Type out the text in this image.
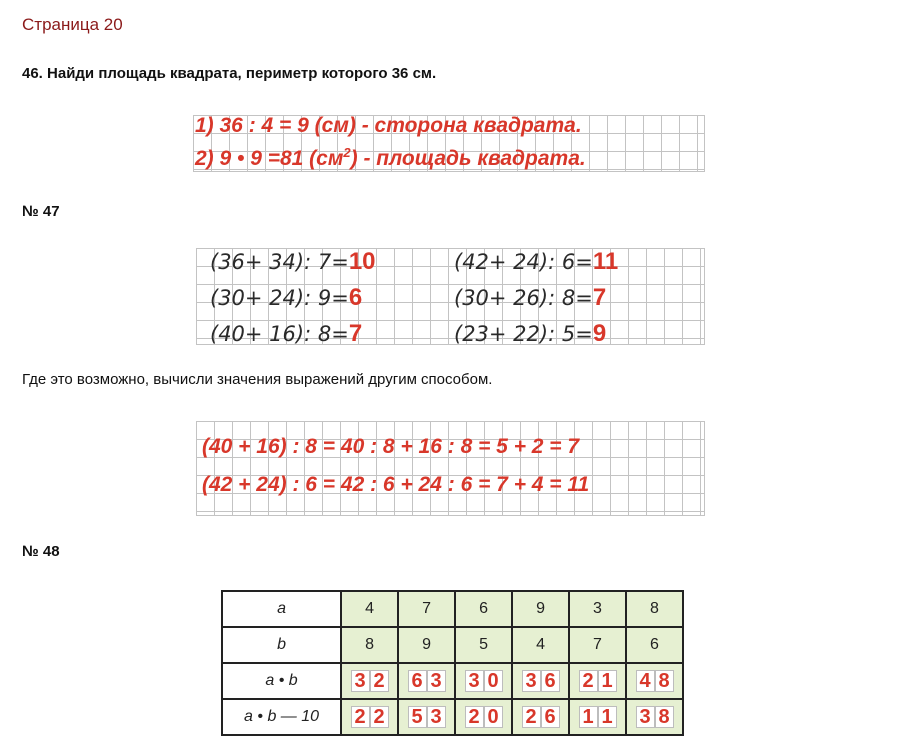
Страница 20
46. Найди площадь квадрата, периметр которого 36 см.
1) 36 : 4 = 9 (см) - сторона квадрата.
2) 9 • 9 =81 $(см^2)$ - площадь квадрата.
№ 47
(36+ 34): 7=10	(42+ 24): 6=11
(30+ 24): 9=6	(30+ 26): 8=7
(40+ 16): 8=7	(23+ 22): 5=9
Где это возможно, вычисли значения выражений другим способом.
(40 + 16) : 8 = 40 : 8 + 16 : 8 = 5 + 2 = 7
(42 + 24) : 6 = 42 : 6 + 24 : 6 = 7 + 4 = 11
№ 48
a	4	7	6	9	3	8
b	8	9	5	4	7	6
a • b	3 2	6 3	3 0	3 6	2 1	4 8

a • b — 10	2 2	5 3	2 0	2 6	1 1	3 8
